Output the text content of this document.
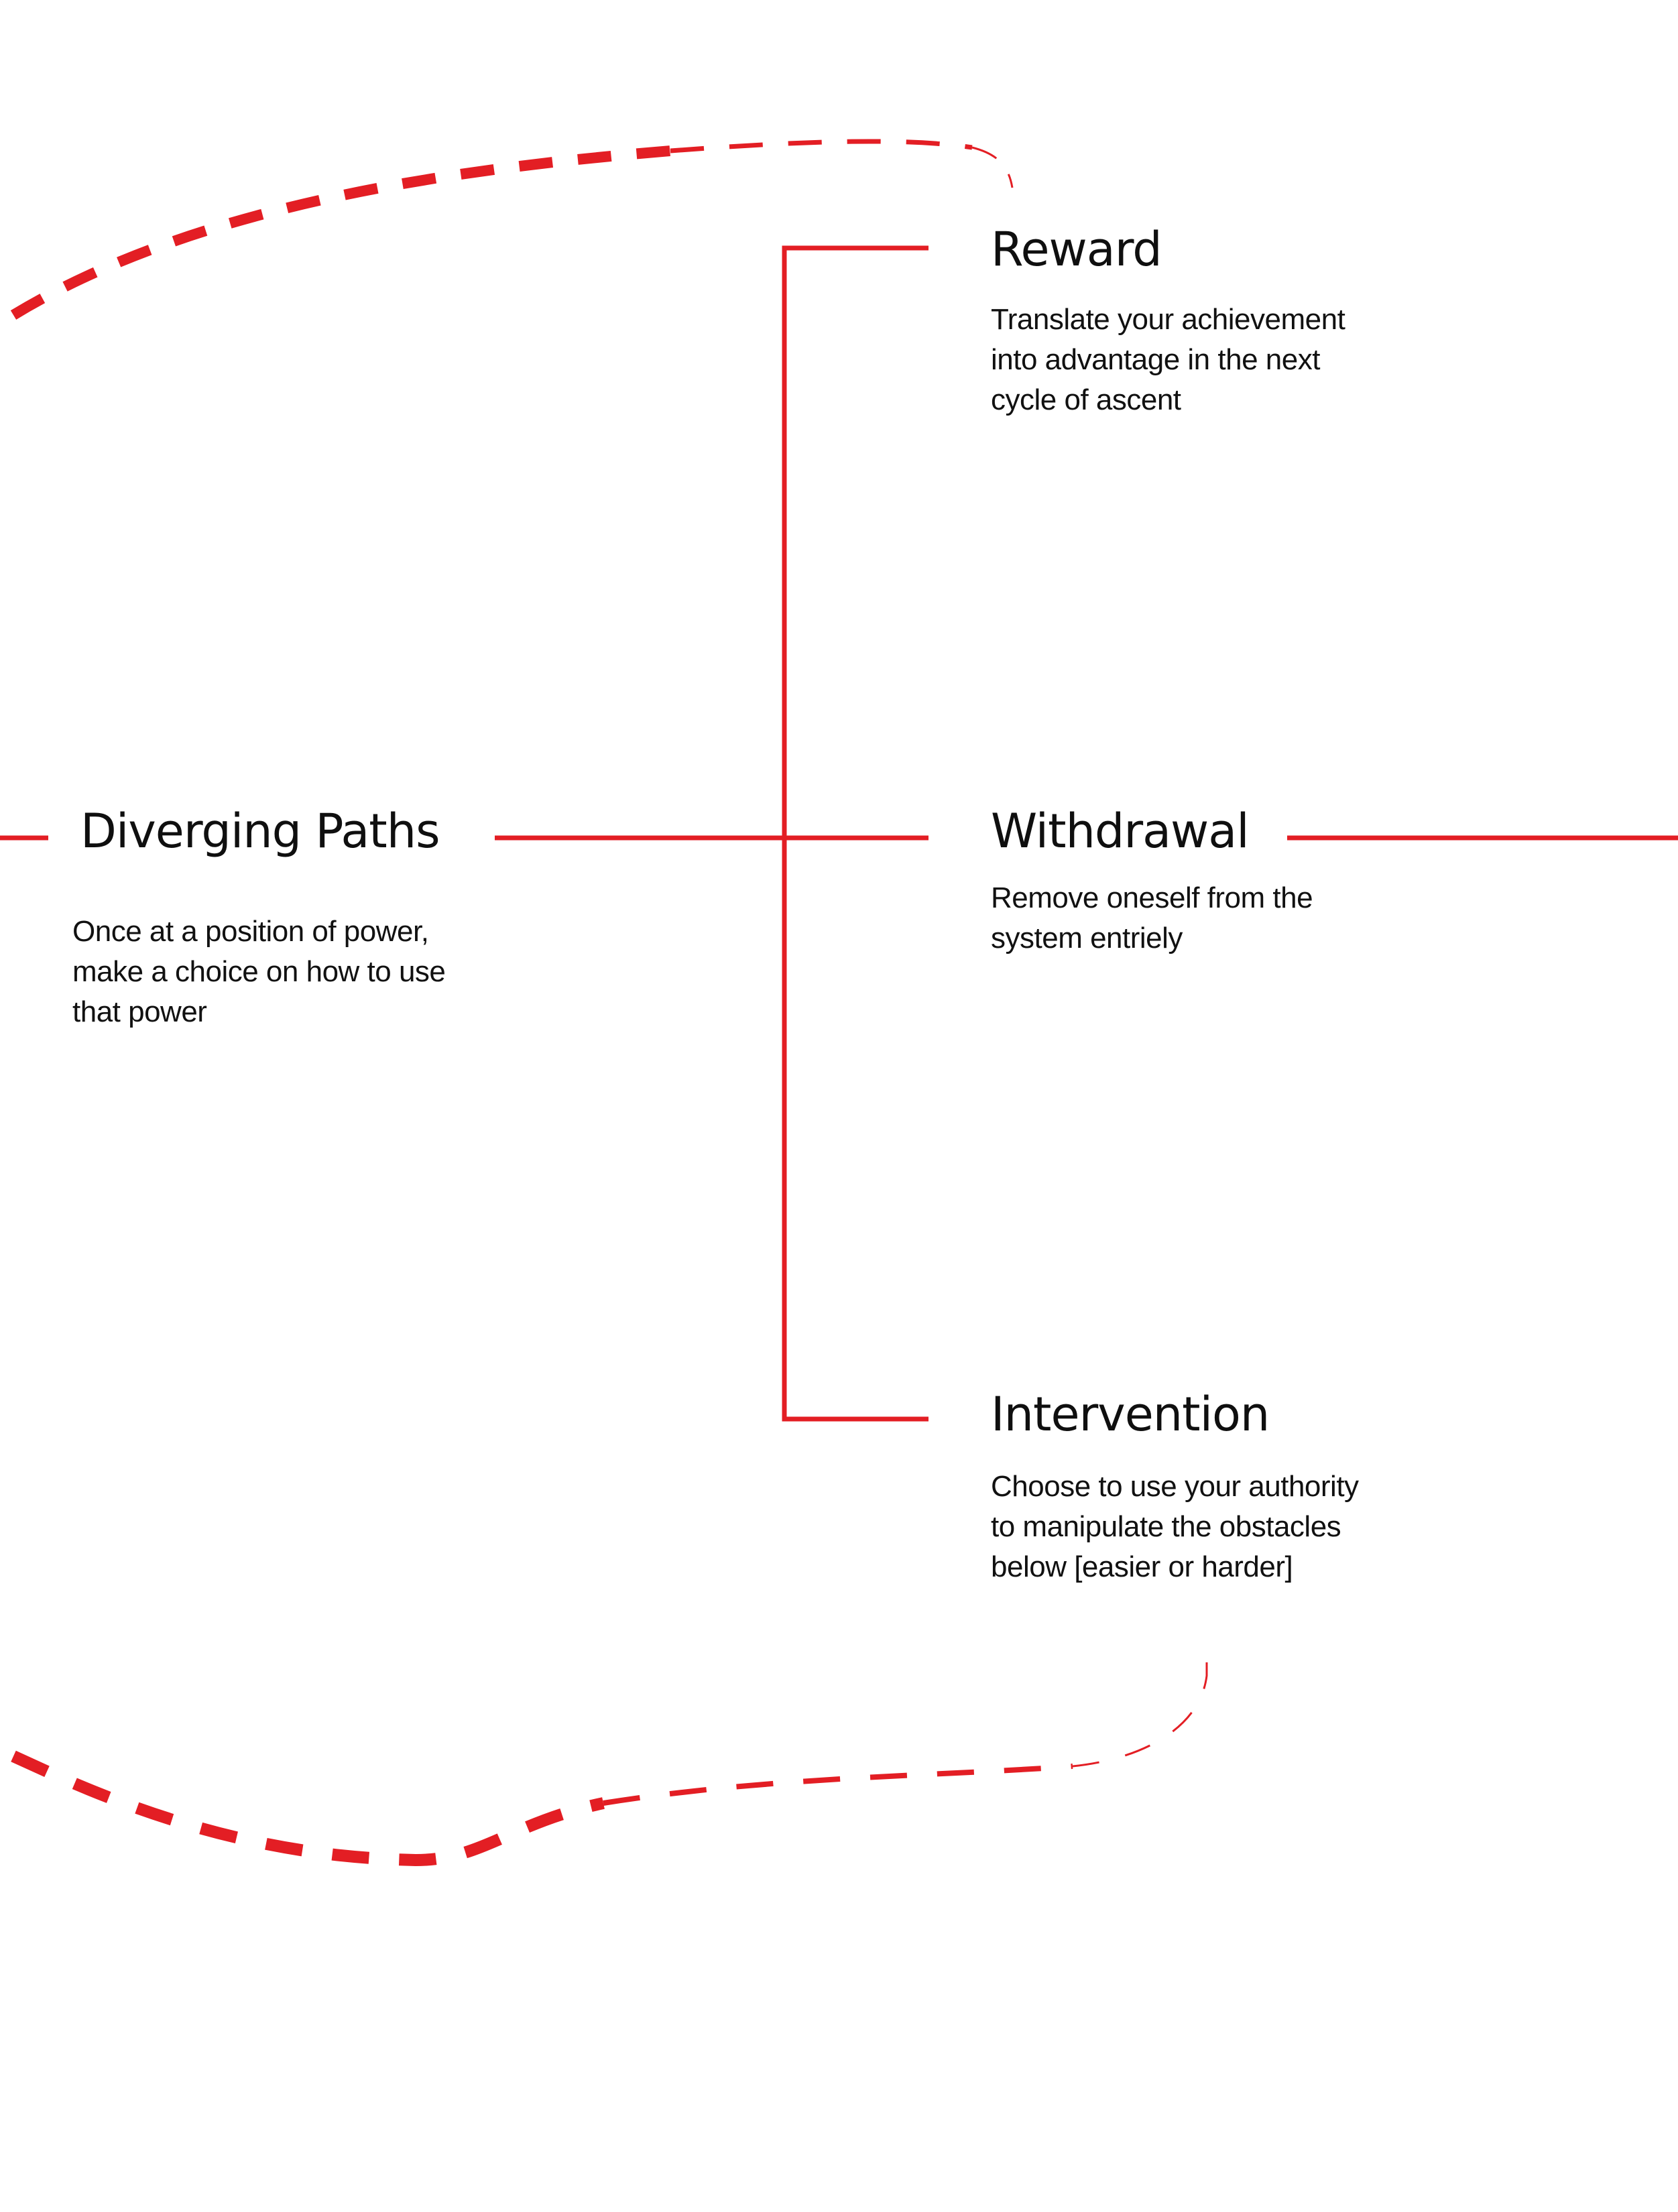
Diverging Paths

Once at a position of power,
make a choice on how to use
that power

Reward

Translate your achievement
into advantage in the next
cycle of ascent

Withdrawal

Remove oneself from the
system entriely

Intervention

Choose to use your authority
to manipulate the obstacles
below [easier or harder]
